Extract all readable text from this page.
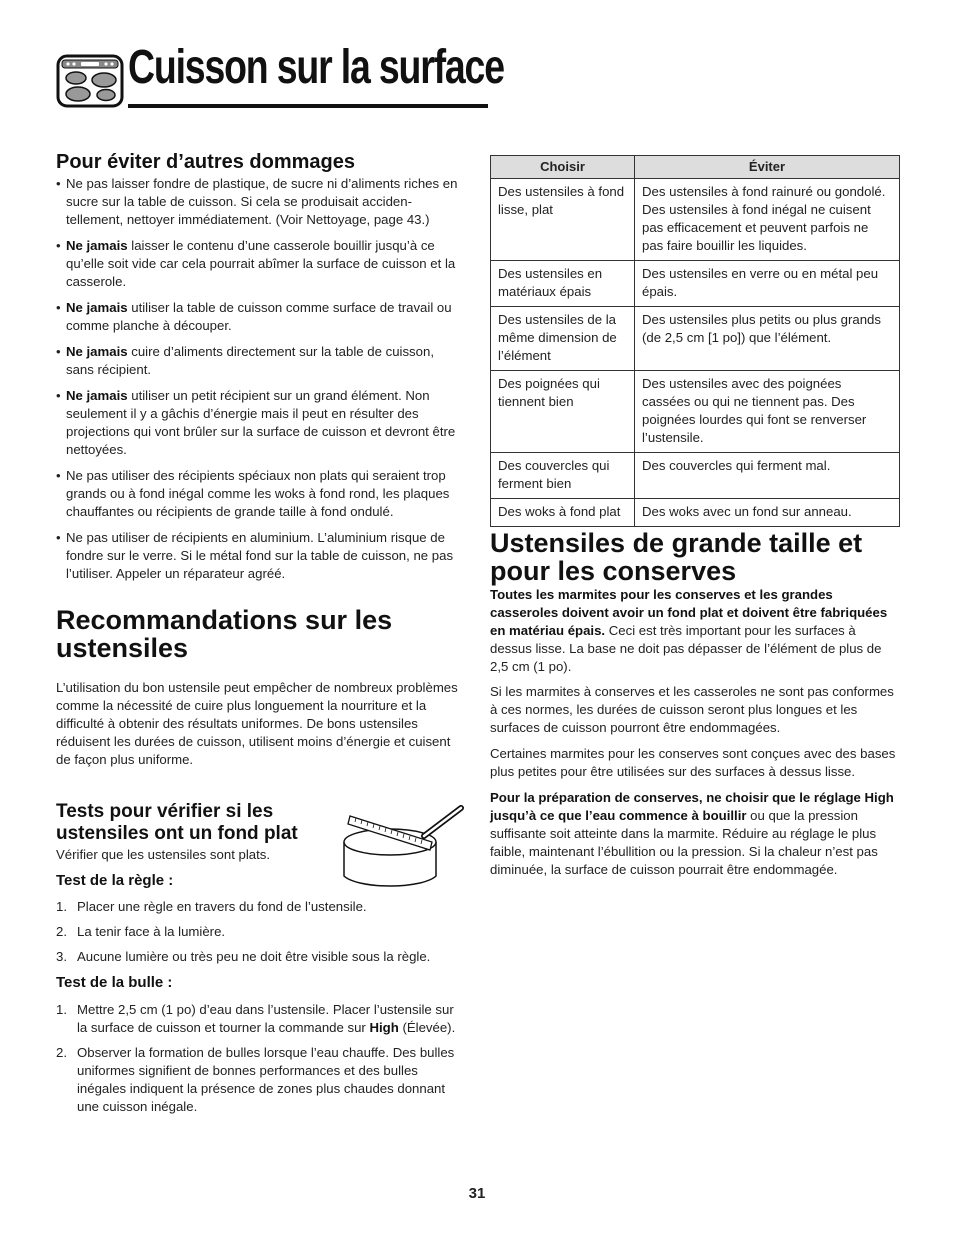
Cuisson sur la surface
Pour éviter d’autres dommages
• Ne pas laisser fondre de plastique, de sucre ni d’aliments riches en sucre sur la table de cuisson. Si cela se produisait acciden-tellement, nettoyer immédiatement. (Voir Nettoyage, page 43.)
• Ne jamais laisser le contenu d’une casserole bouillir jusqu’à ce qu’elle soit vide car cela pourrait abîmer la surface de cuisson et la casserole.
• Ne jamais utiliser la table de cuisson comme surface de travail ou comme planche à découper.
• Ne jamais cuire d’aliments directement sur la table de cuisson, sans récipient.
• Ne jamais utiliser un petit récipient sur un grand élément. Non seulement il y a gâchis d’énergie mais il peut en résulter des projections qui vont brûler sur la surface de cuisson et devront être nettoyées.
• Ne pas utiliser des récipients spéciaux non plats qui seraient trop grands ou à fond inégal comme les woks à fond rond, les plaques chauffantes ou récipients de grande taille à fond ondulé.
• Ne pas utiliser de récipients en aluminium. L’aluminium risque de fondre sur le verre. Si le métal fond sur la table de cuisson, ne pas l’utiliser. Appeler un réparateur agréé.
Recommandations sur les ustensiles
L’utilisation du bon ustensile peut empêcher de nombreux problèmes comme la nécessité de cuire plus longuement la nourriture et la difficulté à obtenir des résultats uniformes. De bons ustensiles réduisent les durées de cuisson, utilisent moins d’énergie et cuisent de façon plus uniforme.
Tests pour vérifier si les ustensiles ont un fond plat
Vérifier que les ustensiles sont plats.
Test de la règle :
1. Placer une règle en travers du fond de l’ustensile.
2. La tenir face à la lumière.
3. Aucune lumière ou très peu ne doit être visible sous la règle.
Test de la bulle :
1. Mettre 2,5 cm (1 po) d’eau dans l’ustensile. Placer l’ustensile sur la surface de cuisson et tourner la commande sur High (Élevée).
2. Observer la formation de bulles lorsque l’eau chauffe. Des bulles uniformes signifient de bonnes performances et des bulles inégales indiquent la présence de zones plus chaudes donnant une cuisson inégale.
Choisir	Éviter
Des ustensiles à fond lisse, plat	Des ustensiles à fond rainuré ou gondolé. Des ustensiles à fond inégal ne cuisent pas efficacement et peuvent parfois ne pas faire bouillir les liquides.
Des ustensiles en matériaux épais	Des ustensiles en verre ou en métal peu épais.
Des ustensiles de la même dimension de l’élément	Des ustensiles plus petits ou plus grands (de 2,5 cm [1 po]) que l’élément.
Des poignées qui tiennent bien	Des ustensiles avec des poignées cassées ou qui ne tiennent pas. Des poignées lourdes qui font se renverser l’ustensile.
Des couvercles qui ferment bien	Des couvercles qui ferment mal.
Des woks à fond plat	Des woks avec un fond sur anneau.
Ustensiles de grande taille et pour les conserves
Toutes les marmites pour les conserves et les grandes casseroles doivent avoir un fond plat et doivent être fabriquées en matériau épais. Ceci est très important pour les surfaces à dessus lisse. La base ne doit pas dépasser de l’élément de plus de 2,5 cm (1 po).
Si les marmites à conserves et les casseroles ne sont pas conformes à ces normes, les durées de cuisson seront plus longues et les surfaces de cuisson pourront être endommagées.
Certaines marmites pour les conserves sont conçues avec des bases plus petites pour être utilisées sur des surfaces à dessus lisse.
Pour la préparation de conserves, ne choisir que le réglage High jusqu’à ce que l’eau commence à bouillir ou que la pression suffisante soit atteinte dans la marmite. Réduire au réglage le plus faible, maintenant l’ébullition ou la pression. Si la chaleur n’est pas diminuée, la surface de cuisson pourrait être endommagée.
31
